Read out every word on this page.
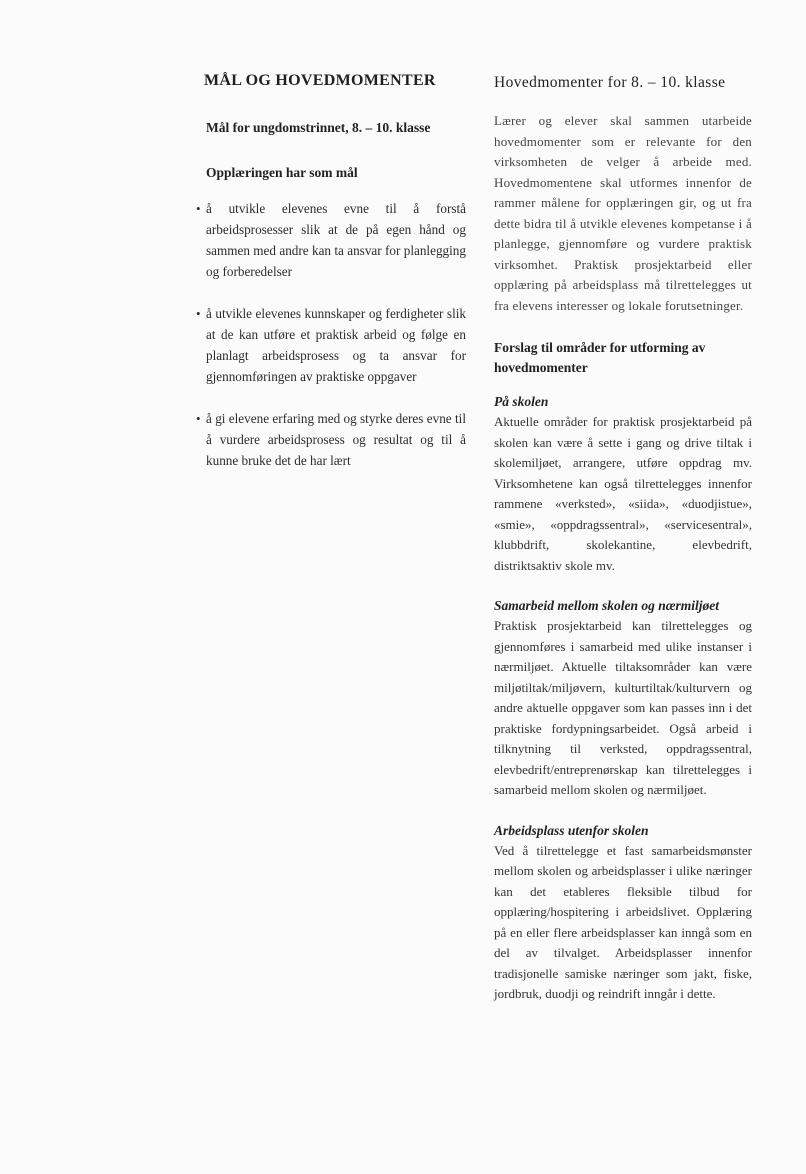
MÅL OG HOVEDMOMENTER
Mål for ungdomstrinnet, 8. – 10. klasse
Opplæringen har som mål
• å utvikle elevenes evne til å forstå arbeidsprosesser slik at de på egen hånd og sammen med andre kan ta ansvar for planlegging og forberedelser
• å utvikle elevenes kunnskaper og ferdigheter slik at de kan utføre et praktisk arbeid og følge en planlagt arbeidsprosess og ta ansvar for gjennomføringen av praktiske oppgaver
• å gi elevene erfaring med og styrke deres evne til å vurdere arbeidsprosess og resultat og til å kunne bruke det de har lært
Hovedmomenter for 8. – 10. klasse

Lærer og elever skal sammen utarbeide hovedmomenter som er relevante for den virksomheten de velger å arbeide med. Hovedmomentene skal utformes innenfor de rammer målene for opplæringen gir, og ut fra dette bidra til å utvikle elevenes kompetanse i å planlegge, gjennomføre og vurdere praktisk virksomhet. Praktisk prosjektarbeid eller opplæring på arbeidsplass må tilrettelegges ut fra elevens interesser og lokale forutsetninger.

Forslag til områder for utforming av hovedmomenter
På skolen

Aktuelle områder for praktisk prosjektarbeid på skolen kan være å sette i gang og drive tiltak i skolemiljøet, arrangere, utføre oppdrag mv. Virksomhetene kan også tilrettelegges innenfor rammene «verksted», «siida», «duodjistue», «smie», «oppdragssentral», «servicesentral», klubbdrift, skolekantine, elevbedrift, distriktsaktiv skole mv.

Samarbeid mellom skolen og nærmiljøet

Praktisk prosjektarbeid kan tilrettelegges og gjennomføres i samarbeid med ulike instanser i nærmiljøet. Aktuelle tiltaksområder kan være miljøtiltak/miljøvern, kulturtiltak/kulturvern og andre aktuelle oppgaver som kan passes inn i det praktiske fordypningsarbeidet. Også arbeid i tilknytning til verksted, oppdragssentral, elevbedrift/entreprenørskap kan tilrettelegges i samarbeid mellom skolen og nærmiljøet.

Arbeidsplass utenfor skolen

Ved å tilrettelegge et fast samarbeidsmønster mellom skolen og arbeidsplasser i ulike næringer kan det etableres fleksible tilbud for opplæring/hospitering i arbeidslivet. Opplæring på en eller flere arbeidsplasser kan inngå som en del av tilvalget. Arbeidsplasser innenfor tradisjonelle samiske næringer som jakt, fiske, jordbruk, duodji og reindrift inngår i dette.
